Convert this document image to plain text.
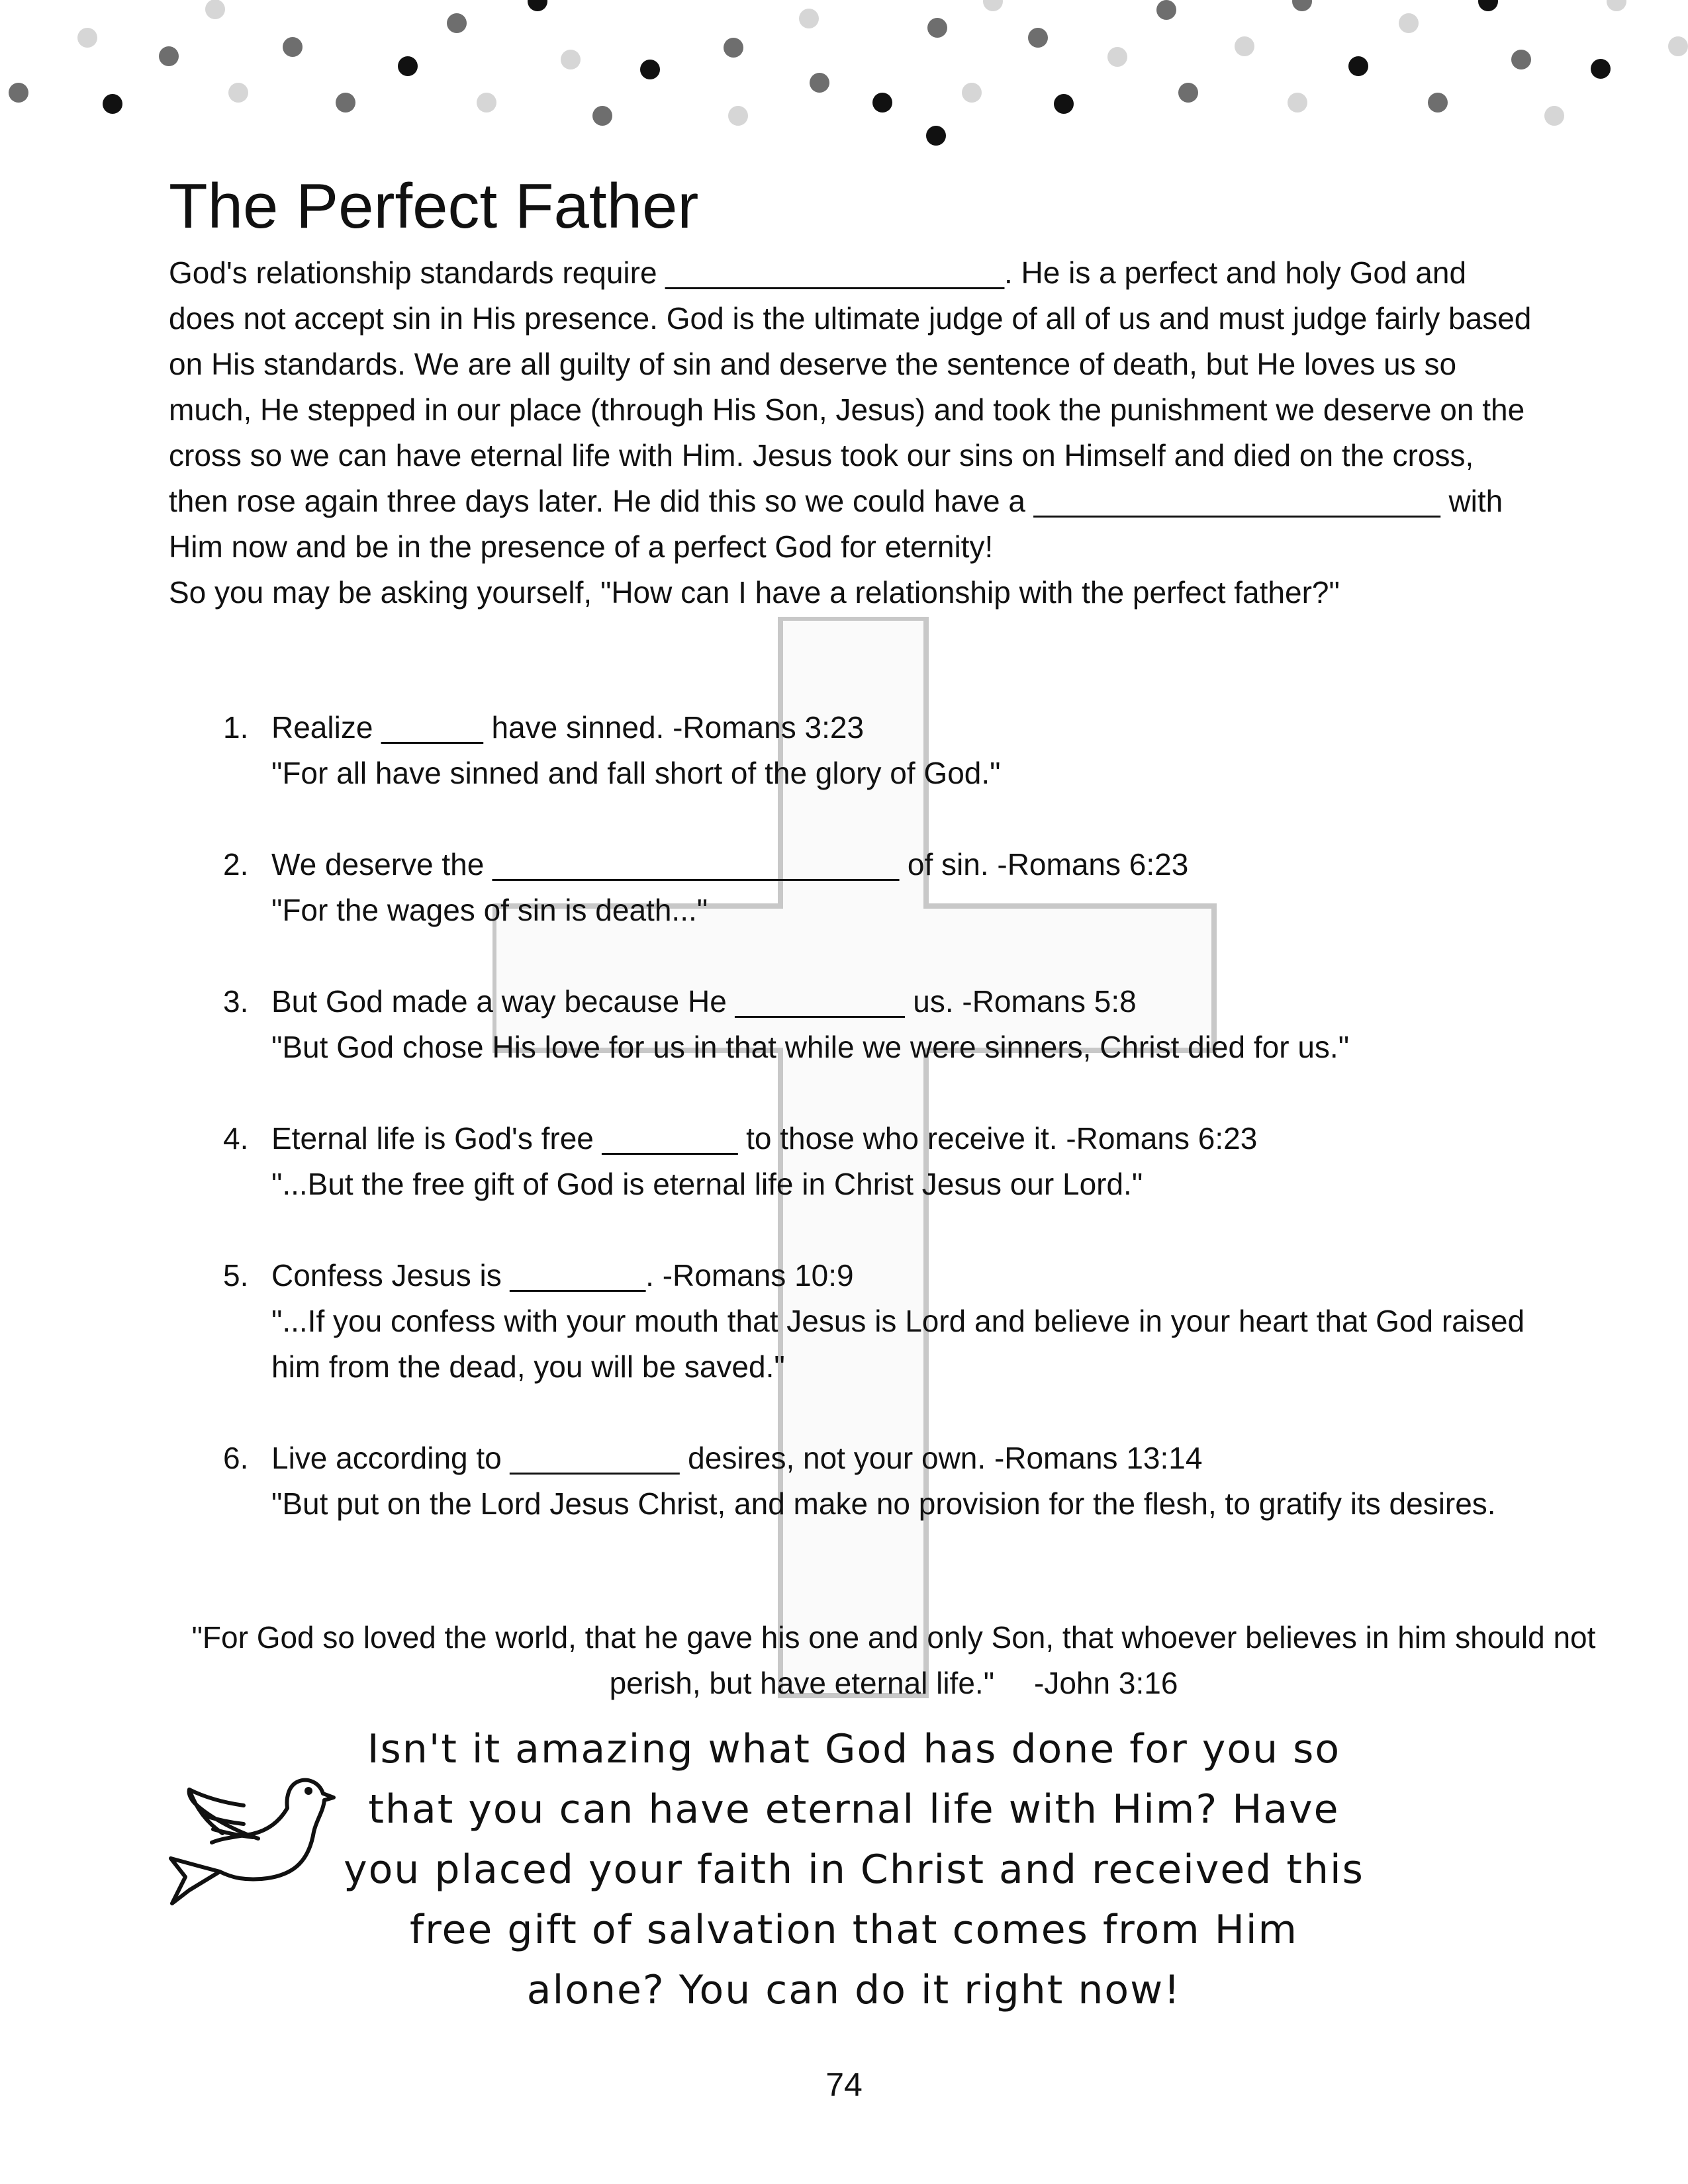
The Perfect Father

God's relationship standards require ____________________. He is a perfect and holy God and does not accept sin in His presence. God is the ultimate judge of all of us and must judge fairly based on His standards. We are all guilty of sin and deserve the sentence of death, but He loves us so much, He stepped in our place (through His Son, Jesus) and took the punishment we deserve on the cross so we can have eternal life with Him. Jesus took our sins on Himself and died on the cross, then rose again three days later. He did this so we could have a ________________________ with Him now and be in the presence of a perfect God for eternity!

So you may be asking yourself, "How can I have a relationship with the perfect father?"

1. Realize ______ have sinned. -Romans 3:23
"For all have sinned and fall short of the glory of God."
2. We deserve the ________________________ of sin. -Romans 6:23
"For the wages of sin is death..."
3. But God made a way because He __________ us. -Romans 5:8
"But God chose His love for us in that while we were sinners, Christ died for us."
4. Eternal life is God's free ________ to those who receive it. -Romans 6:23
"...But the free gift of God is eternal life in Christ Jesus our Lord."
5. Confess Jesus is ________. -Romans 10:9
"...If you confess with your mouth that Jesus is Lord and believe in your heart that God raised him from the dead, you will be saved."
6. Live according to __________ desires, not your own. -Romans 13:14
"But put on the Lord Jesus Christ, and make no provision for the flesh, to gratify its desires.
"For God so loved the world, that he gave his one and only Son, that whoever believes in him should not perish, but have eternal life." -John 3:16
Isn't it amazing what God has done for you so that you can have eternal life with Him? Have you placed your faith in Christ and received this free gift of salvation that comes from Him alone? You can do it right now!
74
